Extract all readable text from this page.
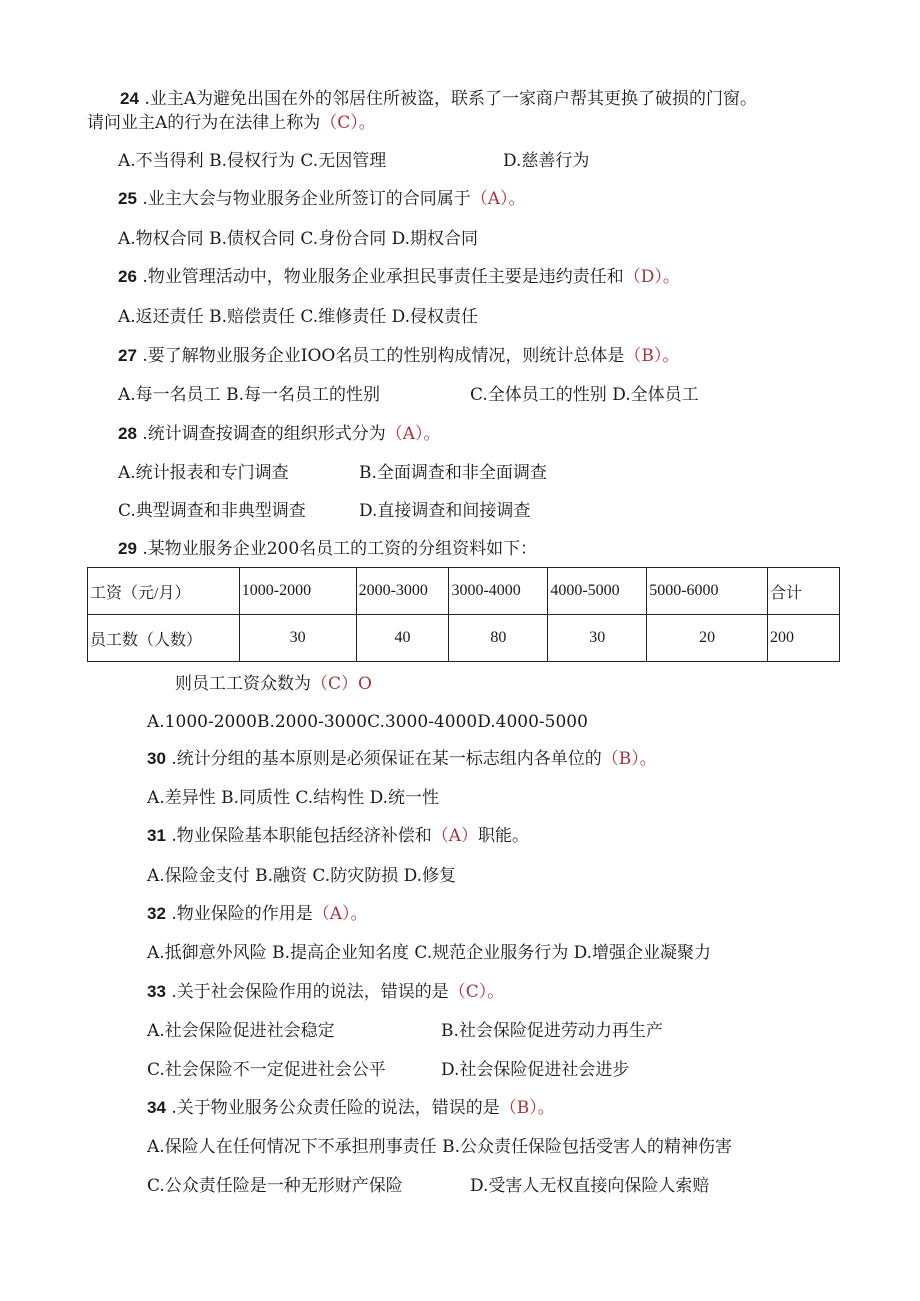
24 .业主A为避免出国在外的邻居住所被盗，联系了一家商户帮其更换了破损的门窗。
请问业主A的行为在法律上称为（C）。
A.不当得利 B.侵权行为 C.无因管理	D.慈善行为
25 .业主大会与物业服务企业所签订的合同属于（A）。
A.物权合同 B.债权合同 C.身份合同 D.期权合同
26 .物业管理活动中，物业服务企业承担民事责任主要是违约责任和（D）。
A.返还责任 B.赔偿责任 C.维修责任 D.侵权责任
27 .要了解物业服务企业IOO名员工的性别构成情况，则统计总体是（B）。
A.每一名员工 B.每一名员工的性别	C.全体员工的性别 D.全体员工
28 .统计调查按调查的组织形式分为（A）。
A.统计报表和专门调查	B.全面调查和非全面调查
C.典型调查和非典型调查	D.直接调查和间接调查
29 .某物业服务企业200名员工的工资的分组资料如下：
工资（元/月）	1000-2000	2000-3000	3000-4000	4000-5000	5000-6000	合计
员工数（人数）	30	40	80	30	20	200
则员工工资众数为（C）O
A.1000-2000B.2000-3000C.3000-4000D.4000-5000
30 .统计分组的基本原则是必须保证在某一标志组内各单位的（B）。
A.差异性 B.同质性 C.结构性 D.统一性
31 .物业保险基本职能包括经济补偿和（A）职能。
A.保险金支付 B.融资 C.防灾防损 D.修复
32 .物业保险的作用是（A）。
A.抵御意外风险 B.提高企业知名度 C.规范企业服务行为 D.增强企业凝聚力
33 .关于社会保险作用的说法，错误的是（C）。
A.社会保险促进社会稳定	B.社会保险促进劳动力再生产
C.社会保险不一定促进社会公平	D.社会保险促进社会进步
34 .关于物业服务公众责任险的说法，错误的是（B）。
A.保险人在任何情况下不承担刑事责任 B.公众责任保险包括受害人的精神伤害
C.公众责任险是一种无形财产保险	D.受害人无权直接向保险人索赔
